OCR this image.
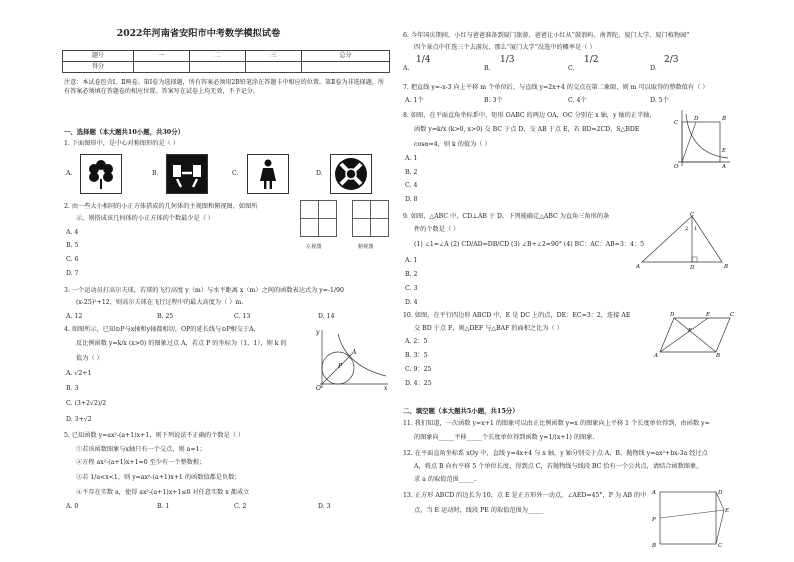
2022年河南省安阳市中考数学模拟试卷
题号	一	二	三	总分
得分				
注意：本试卷包含Ⅰ、Ⅱ两卷。第Ⅰ卷为选择题，所有答案必须用2B铅笔涂在答题卡中相应的位置。第Ⅱ卷为非选择题，所有答案必须填在答题卷的相应位置。答案写在试卷上均无效，不予记分。
一、选择题（本大题共10小题，共30分）
1. 下面图形中，是中心对称图形的是（ ）
A.	B.	C.	D.
2. 由一些大小相同的小正方体搭成的几何体的主视图和俯视图，如图所
示，则搭成该几何体的小正方体的个数最少是（ ）
A. 4
B. 5
C. 6
D. 7
左视图	俯视图
3. 一个运动员打高尔夫球，若球的飞行高度 y（m）与水平距离 x（m）之间的函数表达式为 y=-1/90
(x-25)²+12，则高尔夫球在飞行过程中的最大高度为（ ）m.
A. 12	B. 25	C. 13	D. 14
4. 如图所示，已知⊙P与x轴和y轴都相切，OP的延长线与⊙P相交于A，
反比例函数 y=k/x (x>0) 的图象过点 A，若点 P 的坐标为（1，1），则 k 的
值为（ ）
A. √2+1
B. 3
C. (3+2√2)/2
D. 3+√2
O	x
y
A
P
5. 已知函数 y=ax²-(a+1)x+1，则下列说法不正确的个数是（ ）
①若该函数图象与x轴只有一个交点，则 a=1；
②方程 ax²-(a+1)x+1=0 至少有一个整数根；
③若 1/a<x<1，则 y=ax²-(a+1)x+1 的函数值都是负数；
④不存在实数 a，使得 ax²-(a+1)x+1≤0 对任意实数 x 都成立
A. 0	B. 1	C. 2	D. 3
6. 今年国庆期间，小红与爸爸准备到厦门旅游，爸爸让小红从“鼓浪屿、南普陀、厦门大学、厦门植物园”
四个景点中任选三个去游玩，那么“厦门大学”没选中的概率是（ ）
A.
1/4
B.
1/3
C.
1/2
D.
2/3
7. 把直线 y=-x-3 向上平移 m 个单位后，与直线 y=2x+4 的交点在第二象限，则 m 可以取得的整数值有（ ）
A. 1个	B. 3个	C. 4个	D. 5个
8. 如图，在平面直角坐标系中，矩形 OABC 的两边 OA，OC 分别在 x 轴，y 轴的正半轴，
函数 y=k/x (k>0, x>0) 交 BC 于点 D，交 AB 于点 E，若 BD=2CD，S△BDE
cosα=4，则 k 的值为（ ）
A. 1
B. 2
C. 4
D. 8
C
O
B
D
E
A
9. 如图，△ABC 中，CD⊥AB 于 D，下列能确定△ABC 为直角三角形的条
件的个数是（ ）
(1) ∠1=∠A (2) CD/AD=DB/CD (3) ∠B+∠2=90° (4) BC：AC：AB=3：4：5
A. 1
B. 2
C. 3
D. 4
A
C
B
D
2 1
10. 如图，在平行四边形 ABCD 中，E 是 DC 上的点，DE：EC=3：2，连接 AE
交 BD 于点 F，则△DEF 与△BAF 的面积之比为（ ）
A. 2：5
B. 3：5
C. 9：25
D. 4：25
A
D	E	C
B
F
二、填空题（本大题共5小题，共15分）
11. 我们知道，一次函数 y=x+1 的图象可以由正比例函数 y=x 的图象向上平移 1 个长度单位得到，由函数 y=
的图象向_____平移_____个长度单位得到函数 y=1/(x+1) 的图象.
12. 在平面直角坐标系 xOy 中，直线 y=4x+4 与 x 轴，y 轴分别交于点 A，B，抛物线 y=ax²+bx-3a 经过点
A，将点 B 向右平移 5 个单位长度，得到点 C，若抛物线与线段 BC 恰有一个公共点，请结合函数图象，
求 a 的取值范围_____.
13. 正方形 ABCD 的边长为 10，点 E 是正方形外一动点，∠AED=45°，P 为 AB 的中
点，当 E 运动时，线段 PE 的取值范围为_____
A
P
B
D
E
C
